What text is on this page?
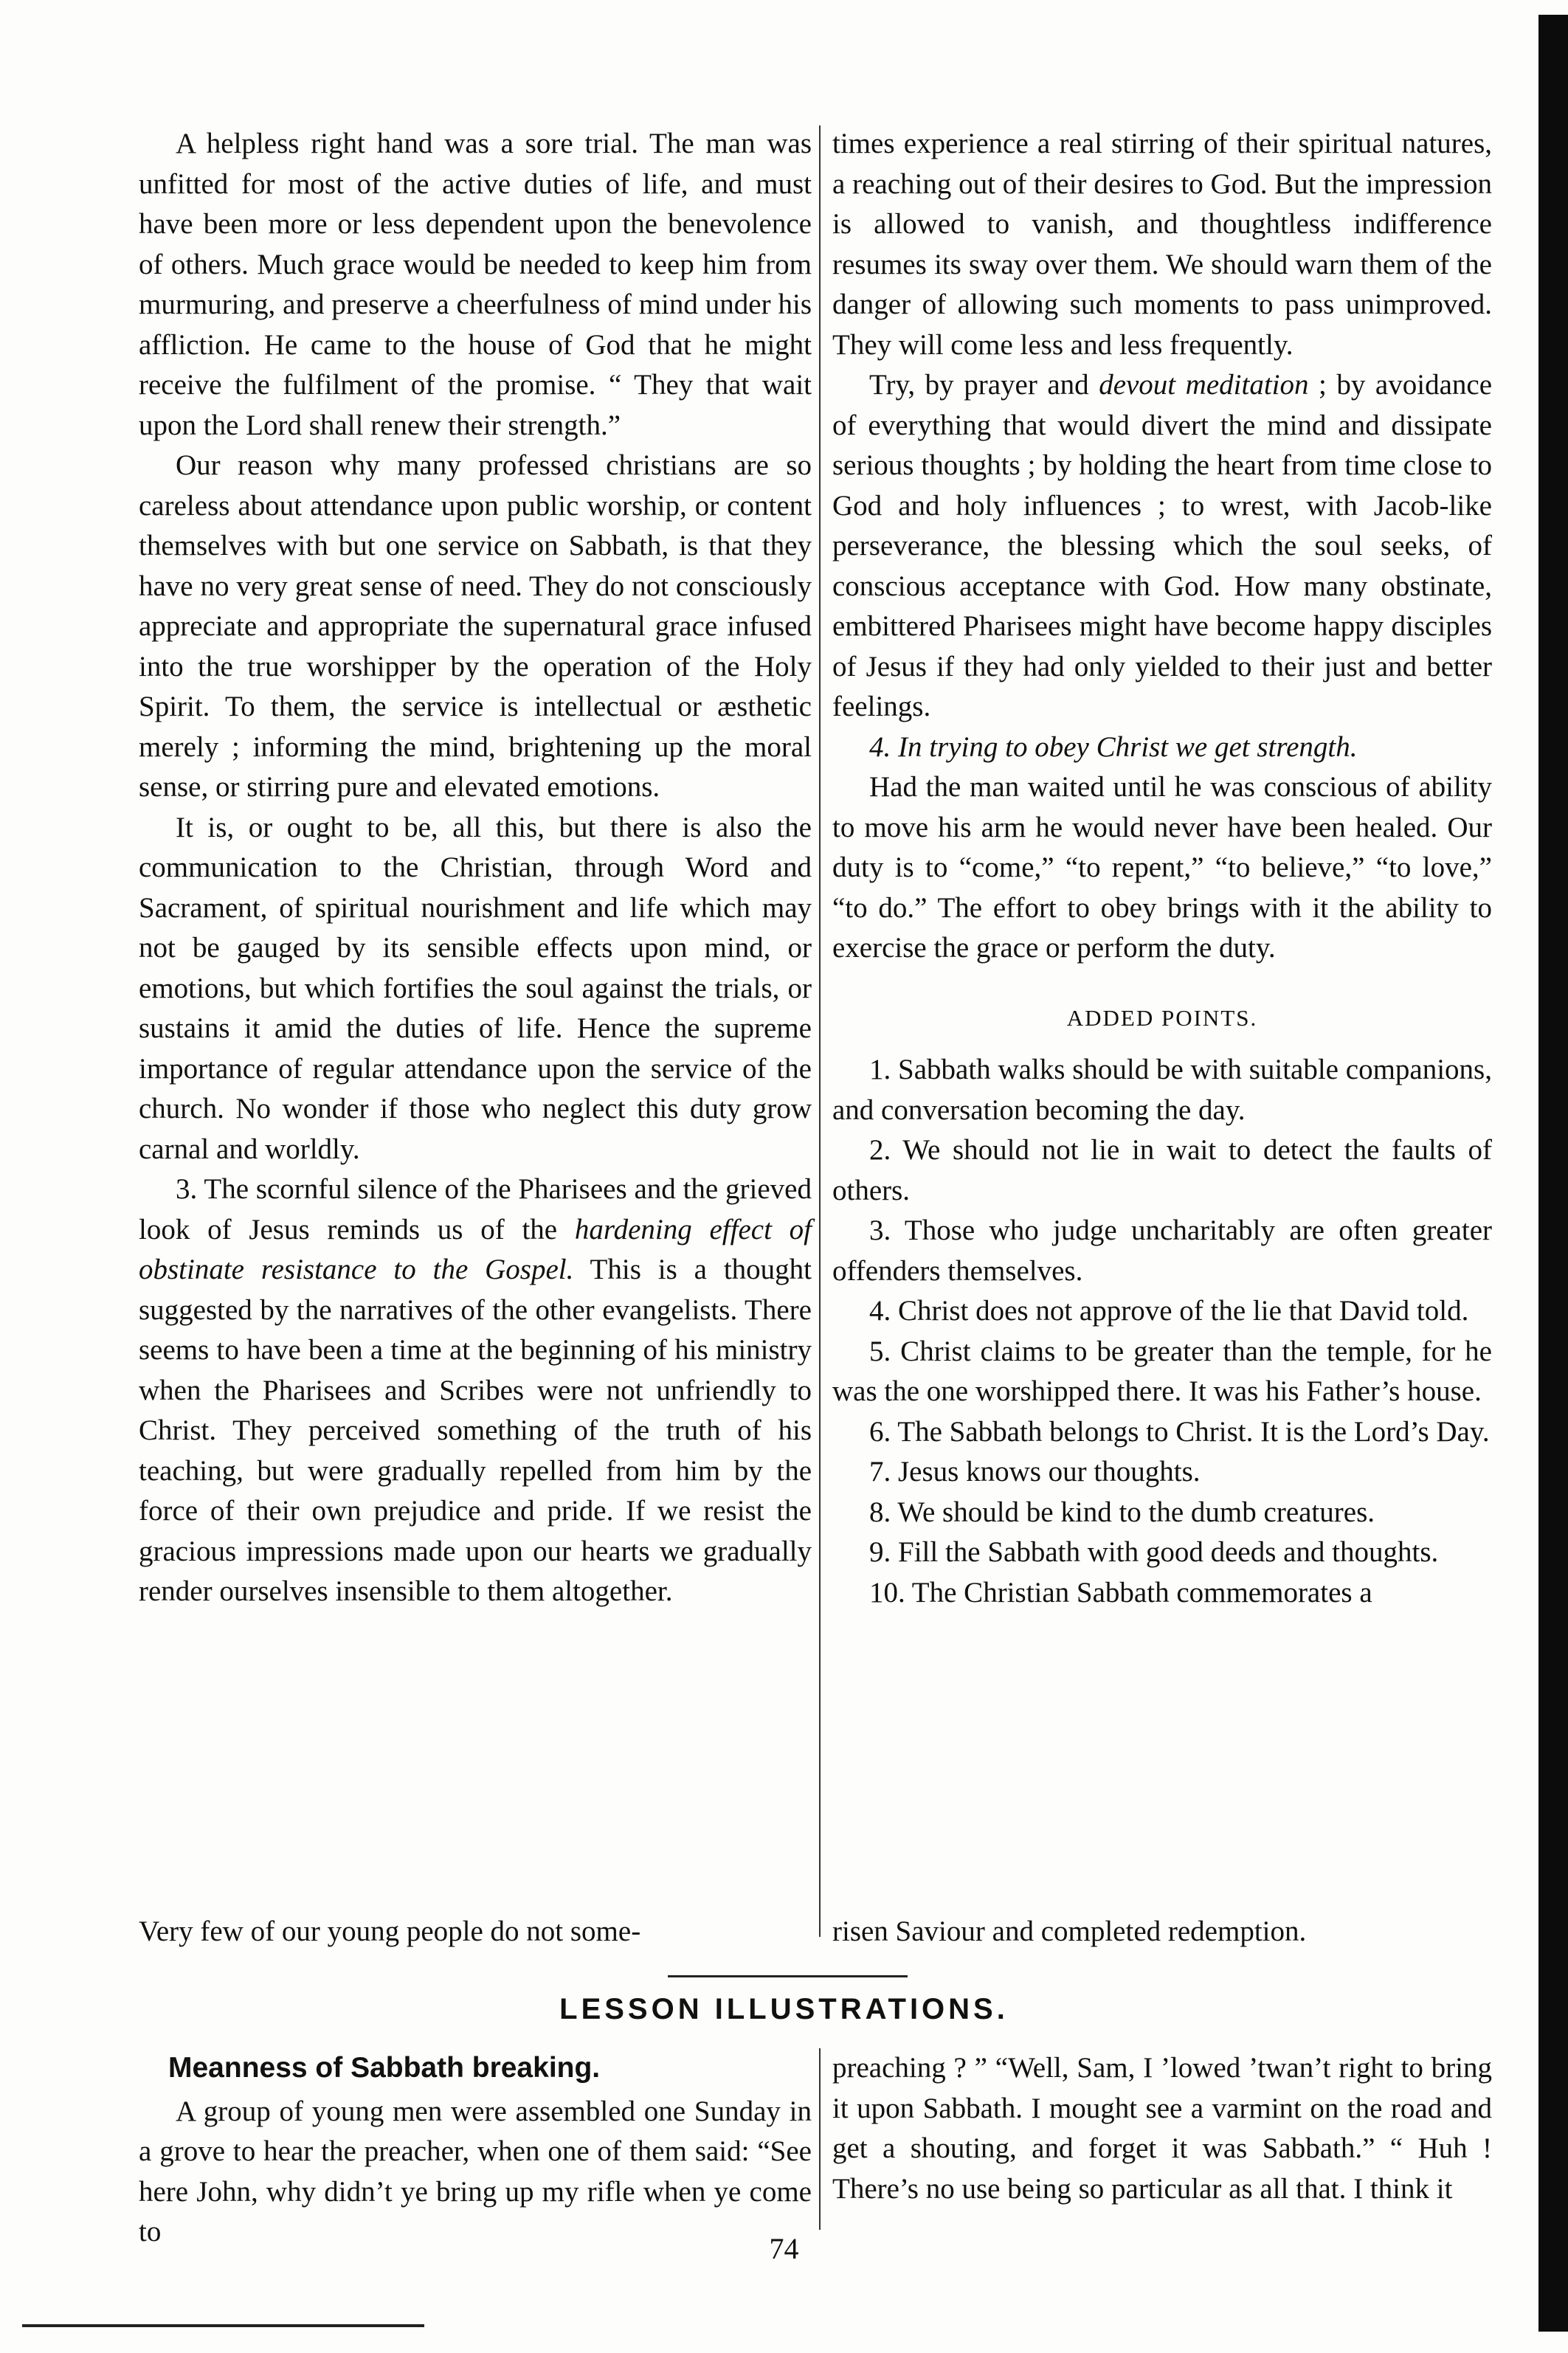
A helpless right hand was a sore trial. The man was unfitted for most of the active duties of life, and must have been more or less dependent upon the benevolence of others. Much grace would be needed to keep him from murmuring, and preserve a cheerfulness of mind under his affliction. He came to the house of God that he might receive the fulfilment of the promise. “ They that wait upon the Lord shall renew their strength.”

Our reason why many professed christians are so careless about attendance upon public worship, or content themselves with but one service on Sabbath, is that they have no very great sense of need. They do not consciously appreciate and appropriate the supernatural grace infused into the true worshipper by the operation of the Holy Spirit. To them, the service is intellectual or æsthetic merely ; informing the mind, brightening up the moral sense, or stirring pure and elevated emotions.

It is, or ought to be, all this, but there is also the communication to the Christian, through Word and Sacrament, of spiritual nourishment and life which may not be gauged by its sensible effects upon mind, or emotions, but which fortifies the soul against the trials, or sustains it amid the duties of life. Hence the supreme importance of regular attendance upon the service of the church. No wonder if those who neglect this duty grow carnal and worldly.

3. The scornful silence of the Pharisees and the grieved look of Jesus reminds us of the hardening effect of obstinate resistance to the Gospel. This is a thought suggested by the narratives of the other evangelists. There seems to have been a time at the beginning of his ministry when the Pharisees and Scribes were not unfriendly to Christ. They perceived something of the truth of his teaching, but were gradually repelled from him by the force of their own prejudice and pride. If we resist the gracious impressions made upon our hearts we gradually render ourselves insensible to them altogether.

times experience a real stirring of their spiritual natures, a reaching out of their desires to God. But the impression is allowed to vanish, and thoughtless indifference resumes its sway over them. We should warn them of the danger of allowing such moments to pass unimproved. They will come less and less frequently.

Try, by prayer and devout meditation ; by avoidance of everything that would divert the mind and dissipate serious thoughts ; by holding the heart from time close to God and holy influences ; to wrest, with Jacob-like perseverance, the blessing which the soul seeks, of conscious acceptance with God. How many obstinate, embittered Pharisees might have become happy disciples of Jesus if they had only yielded to their just and better feelings.

4. In trying to obey Christ we get strength.

Had the man waited until he was conscious of ability to move his arm he would never have been healed. Our duty is to “come,” “to repent,” “to believe,” “to love,” “to do.” The effort to obey brings with it the ability to exercise the grace or perform the duty.

ADDED POINTS.

1. Sabbath walks should be with suitable companions, and conversation becoming the day.

2. We should not lie in wait to detect the faults of others.

3. Those who judge uncharitably are often greater offenders themselves.

4. Christ does not approve of the lie that David told.

5. Christ claims to be greater than the temple, for he was the one worshipped there. It was his Father’s house.

6. The Sabbath belongs to Christ. It is the Lord’s Day.

7. Jesus knows our thoughts.

8. We should be kind to the dumb creatures.

9. Fill the Sabbath with good deeds and thoughts.

10. The Christian Sabbath commemorates a

Very few of our young people do not some-	risen Saviour and completed redemption.
LESSON ILLUSTRATIONS.
Meanness of Sabbath breaking.

A group of young men were assembled one Sunday in a grove to hear the preacher, when one of them said: “See here John, why didn’t ye bring up my rifle when ye come to

preaching ? ” “Well, Sam, I ’lowed ’twan’t right to bring it upon Sabbath. I mought see a varmint on the road and get a shouting, and forget it was Sabbath.” “ Huh ! There’s no use being so particular as all that. I think it

74
